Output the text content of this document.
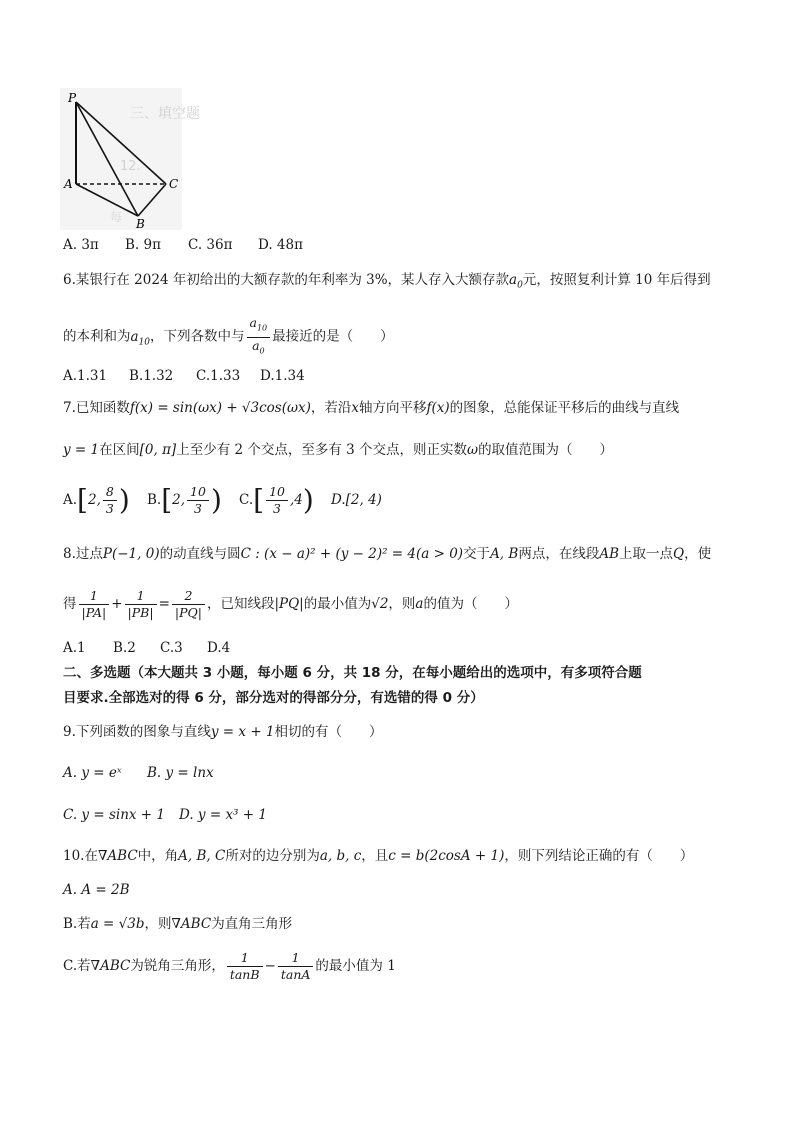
三、填空题
12.
每
P
A
B
C
A. 3π B. 9π C. 36π D. 48π
6.某银行在 2024 年初给出的大额存款的年利率为 3%，某人存入大额存款$a_0$元，按照复利计算 10 年后得到
的本利和为$a_{10}$，下列各数中与 $\frac{a_{10}}{a_0}$ 最接近的是（　　）
A.1.31 B.1.32 C.1.33 D.1.34
7.已知函数f(x) = sin(ωx) + √3cos(ωx)，若沿x轴方向平移f(x)的图象，总能保证平移后的曲线与直线
y = 1在区间[0, π]上至少有 2 个交点，至多有 3 个交点，则正实数ω的取值范围为（　　）
A.[2, $\frac{8}{3}$ ) B.[2, $\frac{10}{3}$ ) $C.[ \frac{10}{3} ,4)$ D.[2, 4)
8.过点P(−1, 0)的动直线与圆C : (x − a)² + (y − 2)² = 4(a > 0)交于A, B两点，在线段AB上取一点Q，使
得 $\frac{1}{|PA|} + \frac{1}{|PB|} = \frac{2}{|PQ|}$ ，已知线段|PQ|的最小值为√2，则a的值为（　　）
A.1 B.2 C.3 D.4
二、多选题（本大题共 3 小题，每小题 6 分，共 18 分，在每小题给出的选项中，有多项符合题
目要求.全部选对的得 6 分，部分选对的得部分分，有选错的得 0 分）
9.下列函数的图象与直线y = x + 1相切的有（　　）
A. y = eˣ B. y = lnx
C. y = sinx + 1 D. y = x³ + 1
10.在∇ABC中，角A, B, C所对的边分别为a, b, c，且c = b(2cosA + 1)，则下列结论正确的有（　　）
A. A = 2B
B.若a = √3b，则∇ABC为直角三角形
C.若∇ABC为锐角三角形， $\frac{1}{\tan B} - \frac{1}{\tan A}$ 的最小值为 1
